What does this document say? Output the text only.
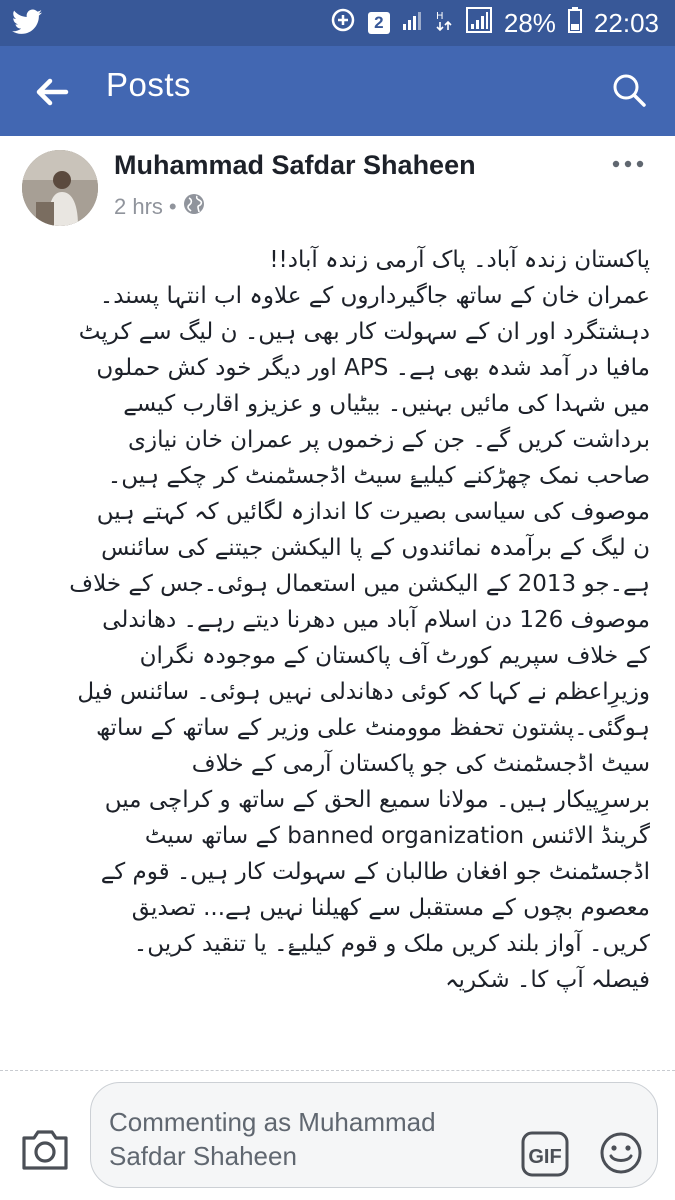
2	H 28% 22:03
Posts
Muhammad Safdar Shaheen
2 hrs •
پاکستان زندہ آباد۔ پاک آرمی زندہ آباد!!
عمران خان کے ساتھ جاگیرداروں کے علاوہ اب انتہا پسند۔
دہشتگرد اور ان کے سہولت کار بھی ہیں۔ ن لیگ سے کرپٹ
مافیا در آمد شدہ بھی ہے۔ APS اور دیگر خود کش حملوں
میں شہدا کی مائیں بہنیں۔ بیٹیاں و عزیزو اقارب کیسے
برداشت کریں گے۔ جن کے زخموں پر عمران خان نیازی
صاحب نمک چھڑکنے کیلیۓ سیٹ اڈجسٹمنٹ کر چکے ہیں۔
موصوف کی سیاسی بصیرت کا اندازہ لگائیں کہ کہتے ہیں
ن لیگ کے برآمدہ نمائندوں کے پا الیکشن جیتنے کی سائنس
ہے۔جو 2013 کے الیکشن میں استعمال ہوئی۔جس کے خلاف
موصوف 126 دن اسلام آباد میں دھرنا دیتے رہے۔ دھاندلی
کے خلاف سپریم کورٹ آف پاکستان کے موجودہ نگران
وزیرِاعظم نے کہا کہ کوئی دھاندلی نہیں ہوئی۔ سائنس فیل
ہوگئی۔پشتون تحفظ موومنٹ علی وزیر کے ساتھ کے ساتھ
سیٹ اڈجسٹمنٹ کی جو پاکستان آرمی کے خلاف
برسرِپیکار ہیں۔ مولانا سمیع الحق کے ساتھ و کراچی میں
گرینڈ الائنس banned organization کے ساتھ سیٹ
اڈجسٹمنٹ جو افغان طالبان کے سہولت کار ہیں۔ قوم کے
معصوم بچوں کے مستقبل سے کھیلنا نہیں ہے... تصدیق
کریں۔ آواز بلند کریں ملک و قوم کیلیۓ۔ یا تنقید کریں۔
فیصلہ آپ کا۔ شکریہ
Commenting as Muhammad Safdar Shaheen	GIF
